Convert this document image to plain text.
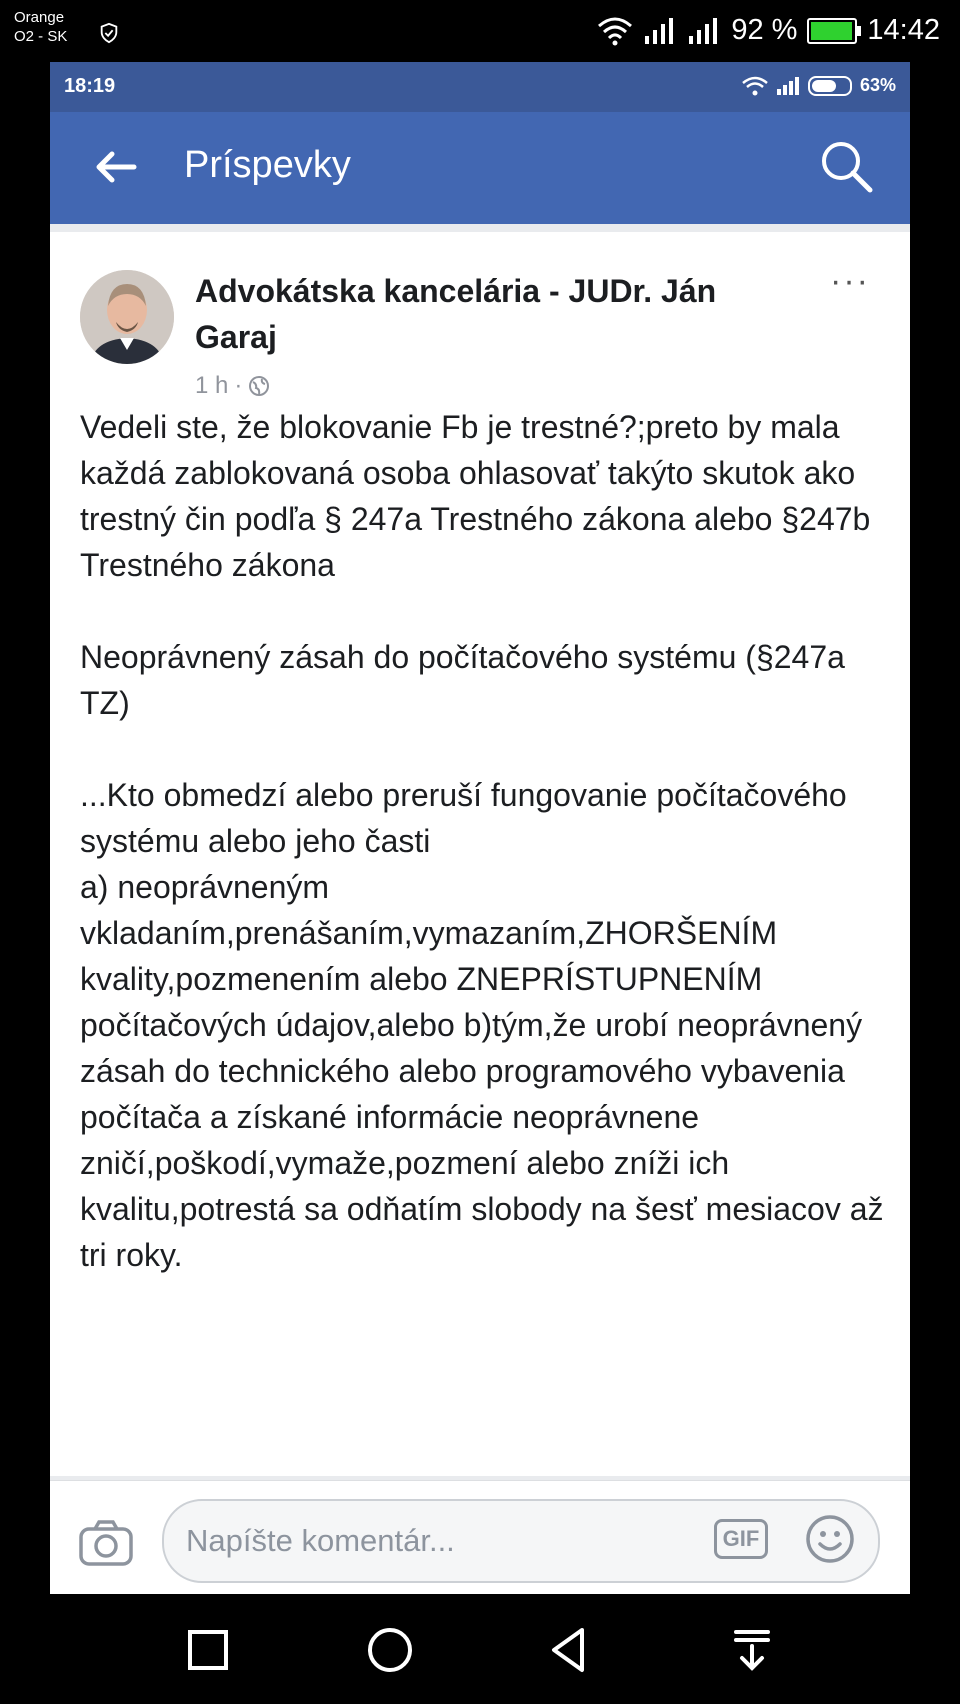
Orange
O2 - SK	92 % 14:42
18:19	63%
Príspevky
Advokátska kancelária - JUDr. Ján Garaj
···
1 h ·
Vedeli ste, že blokovanie Fb je trestné?;preto by mala každá zablokovaná osoba ohlasovať takýto skutok ako trestný čin podľa § 247a Trestného zákona alebo §247b Trestného zákona

Neoprávnený zásah do počítačového systému (§247a TZ)

...Kto obmedzí alebo preruší fungovanie počítačového systému alebo jeho časti
a) neoprávneným vkladaním,prenášaním,vymazaním,ZHORŠENÍM kvality,pozmenením alebo ZNEPRÍSTUPNENÍM počítačových údajov,alebo b)tým,že urobí neoprávnený zásah do technického alebo programového vybavenia počítača a získané informácie neoprávnene zničí,poškodí,vymaže,pozmení alebo zníži ich kvalitu,potrestá sa odňatím slobody na šesť mesiacov až tri roky.
Napíšte komentár...	GIF
